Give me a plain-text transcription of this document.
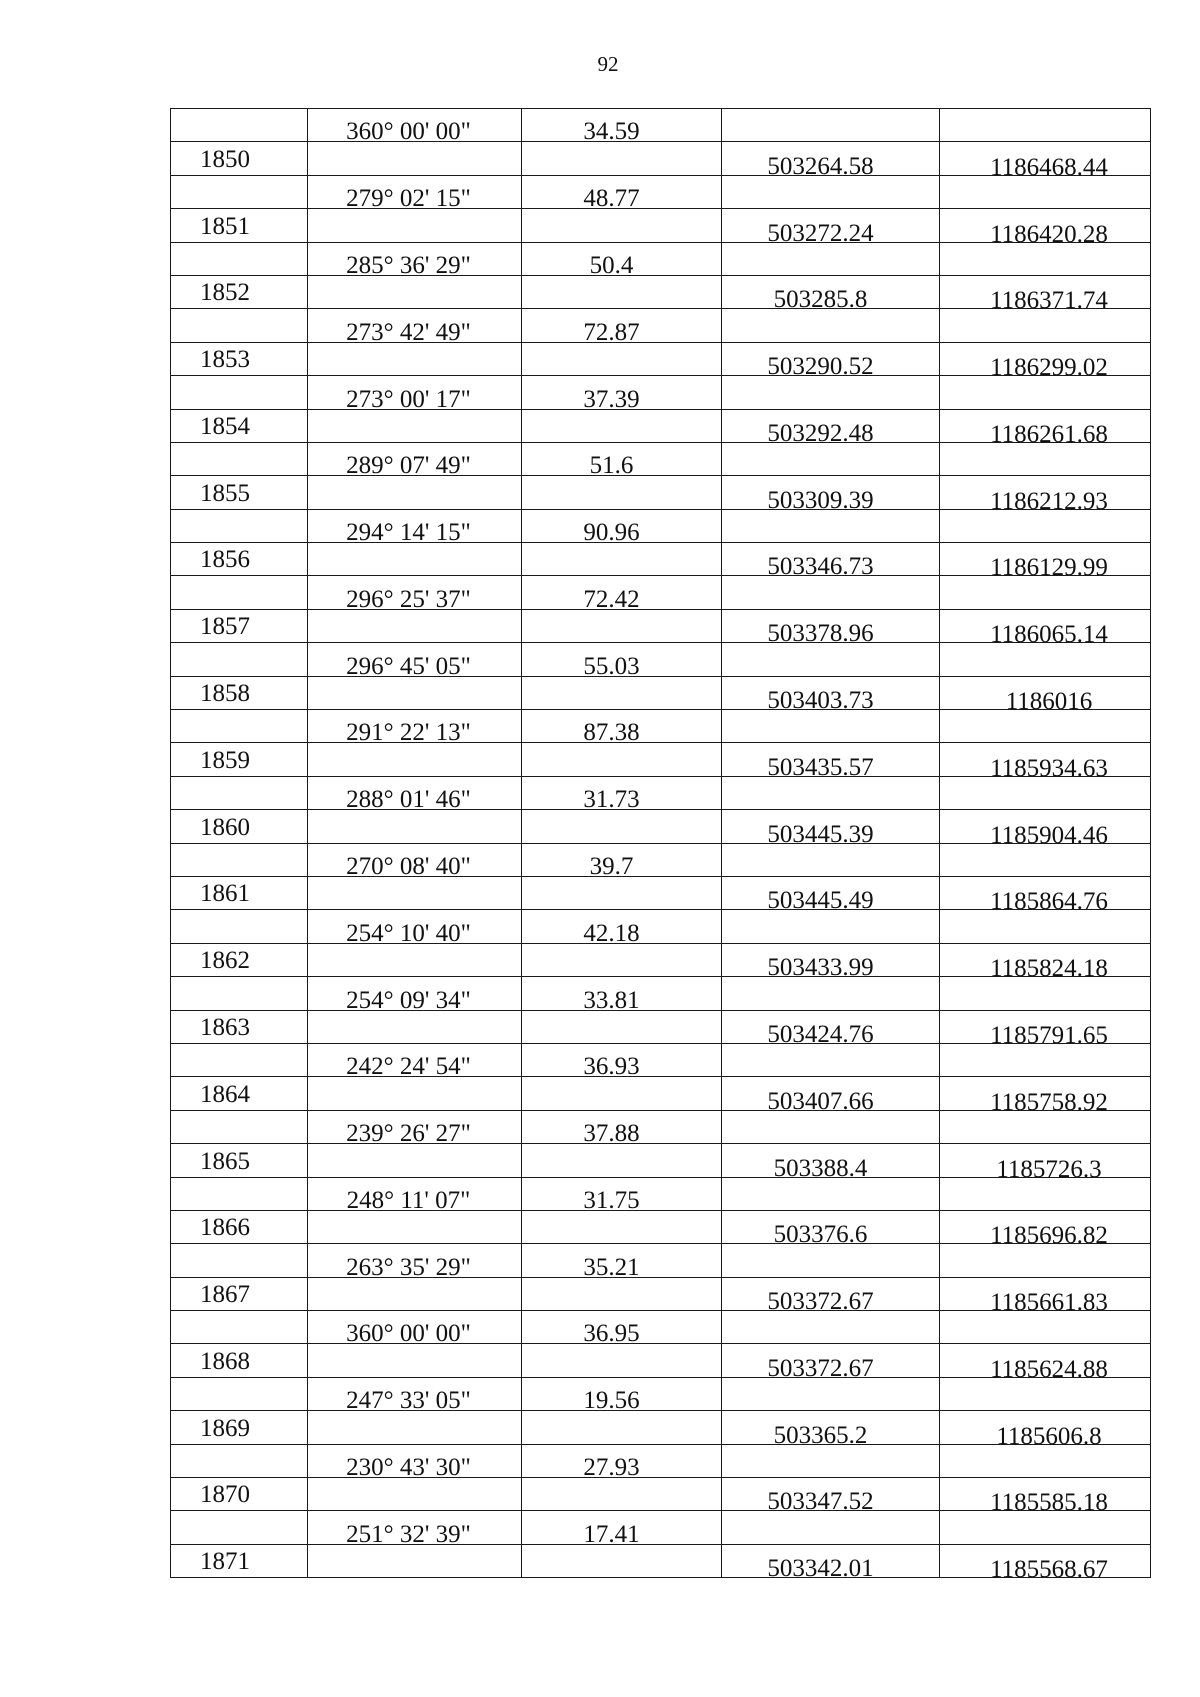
92
	360° 00' 00"	34.59		
1850			503264.58	1186468.44
	279° 02' 15"	48.77		
1851			503272.24	1186420.28
	285° 36' 29"	50.4		
1852			503285.8	1186371.74
	273° 42' 49"	72.87		
1853			503290.52	1186299.02
	273° 00' 17"	37.39		
1854			503292.48	1186261.68
	289° 07' 49"	51.6		
1855			503309.39	1186212.93
	294° 14' 15"	90.96		
1856			503346.73	1186129.99
	296° 25' 37"	72.42		
1857			503378.96	1186065.14
	296° 45' 05"	55.03		
1858			503403.73	1186016
	291° 22' 13"	87.38		
1859			503435.57	1185934.63
	288° 01' 46"	31.73		
1860			503445.39	1185904.46
	270° 08' 40"	39.7		
1861			503445.49	1185864.76
	254° 10' 40"	42.18		
1862			503433.99	1185824.18
	254° 09' 34"	33.81		
1863			503424.76	1185791.65
	242° 24' 54"	36.93		
1864			503407.66	1185758.92
	239° 26' 27"	37.88		
1865			503388.4	1185726.3
	248° 11' 07"	31.75		
1866			503376.6	1185696.82
	263° 35' 29"	35.21		
1867			503372.67	1185661.83
	360° 00' 00"	36.95		
1868			503372.67	1185624.88
	247° 33' 05"	19.56		
1869			503365.2	1185606.8
	230° 43' 30"	27.93		
1870			503347.52	1185585.18
	251° 32' 39"	17.41		
1871			503342.01	1185568.67
